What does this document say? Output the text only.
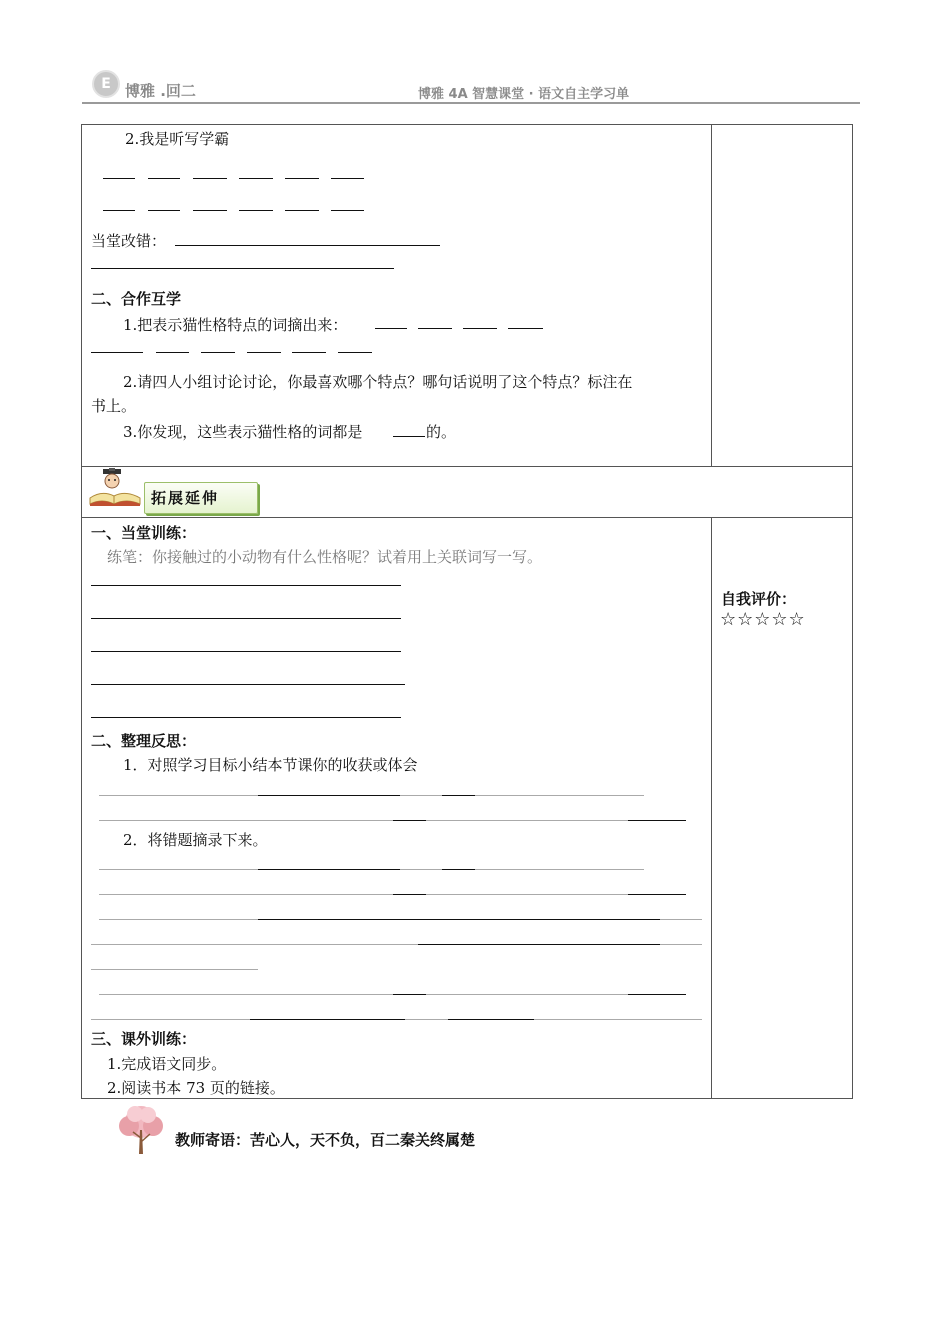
E 博雅 .回二	博雅 4A 智慧课堂 · 语文自主学习单
2.我是听写学霸
当堂改错：
二、合作互学
1.把表示猫性格特点的词摘出来：
2.请四人小组讨论讨论，你最喜欢哪个特点？哪句话说明了这个特点？标注在
书上。
3.你发现，这些表示猫性格的词都是	的。
拓展延伸
一、当堂训练：
练笔：你接触过的小动物有什么性格呢？试着用上关联词写一写。
二、整理反思：
1．对照学习目标小结本节课你的收获或体会
2．将错题摘录下来。
三、课外训练：
1.完成语文同步。
2.阅读书本 73 页的链接。
自我评价：
☆☆☆☆☆
教师寄语：苦心人，天不负，百二秦关终属楚
